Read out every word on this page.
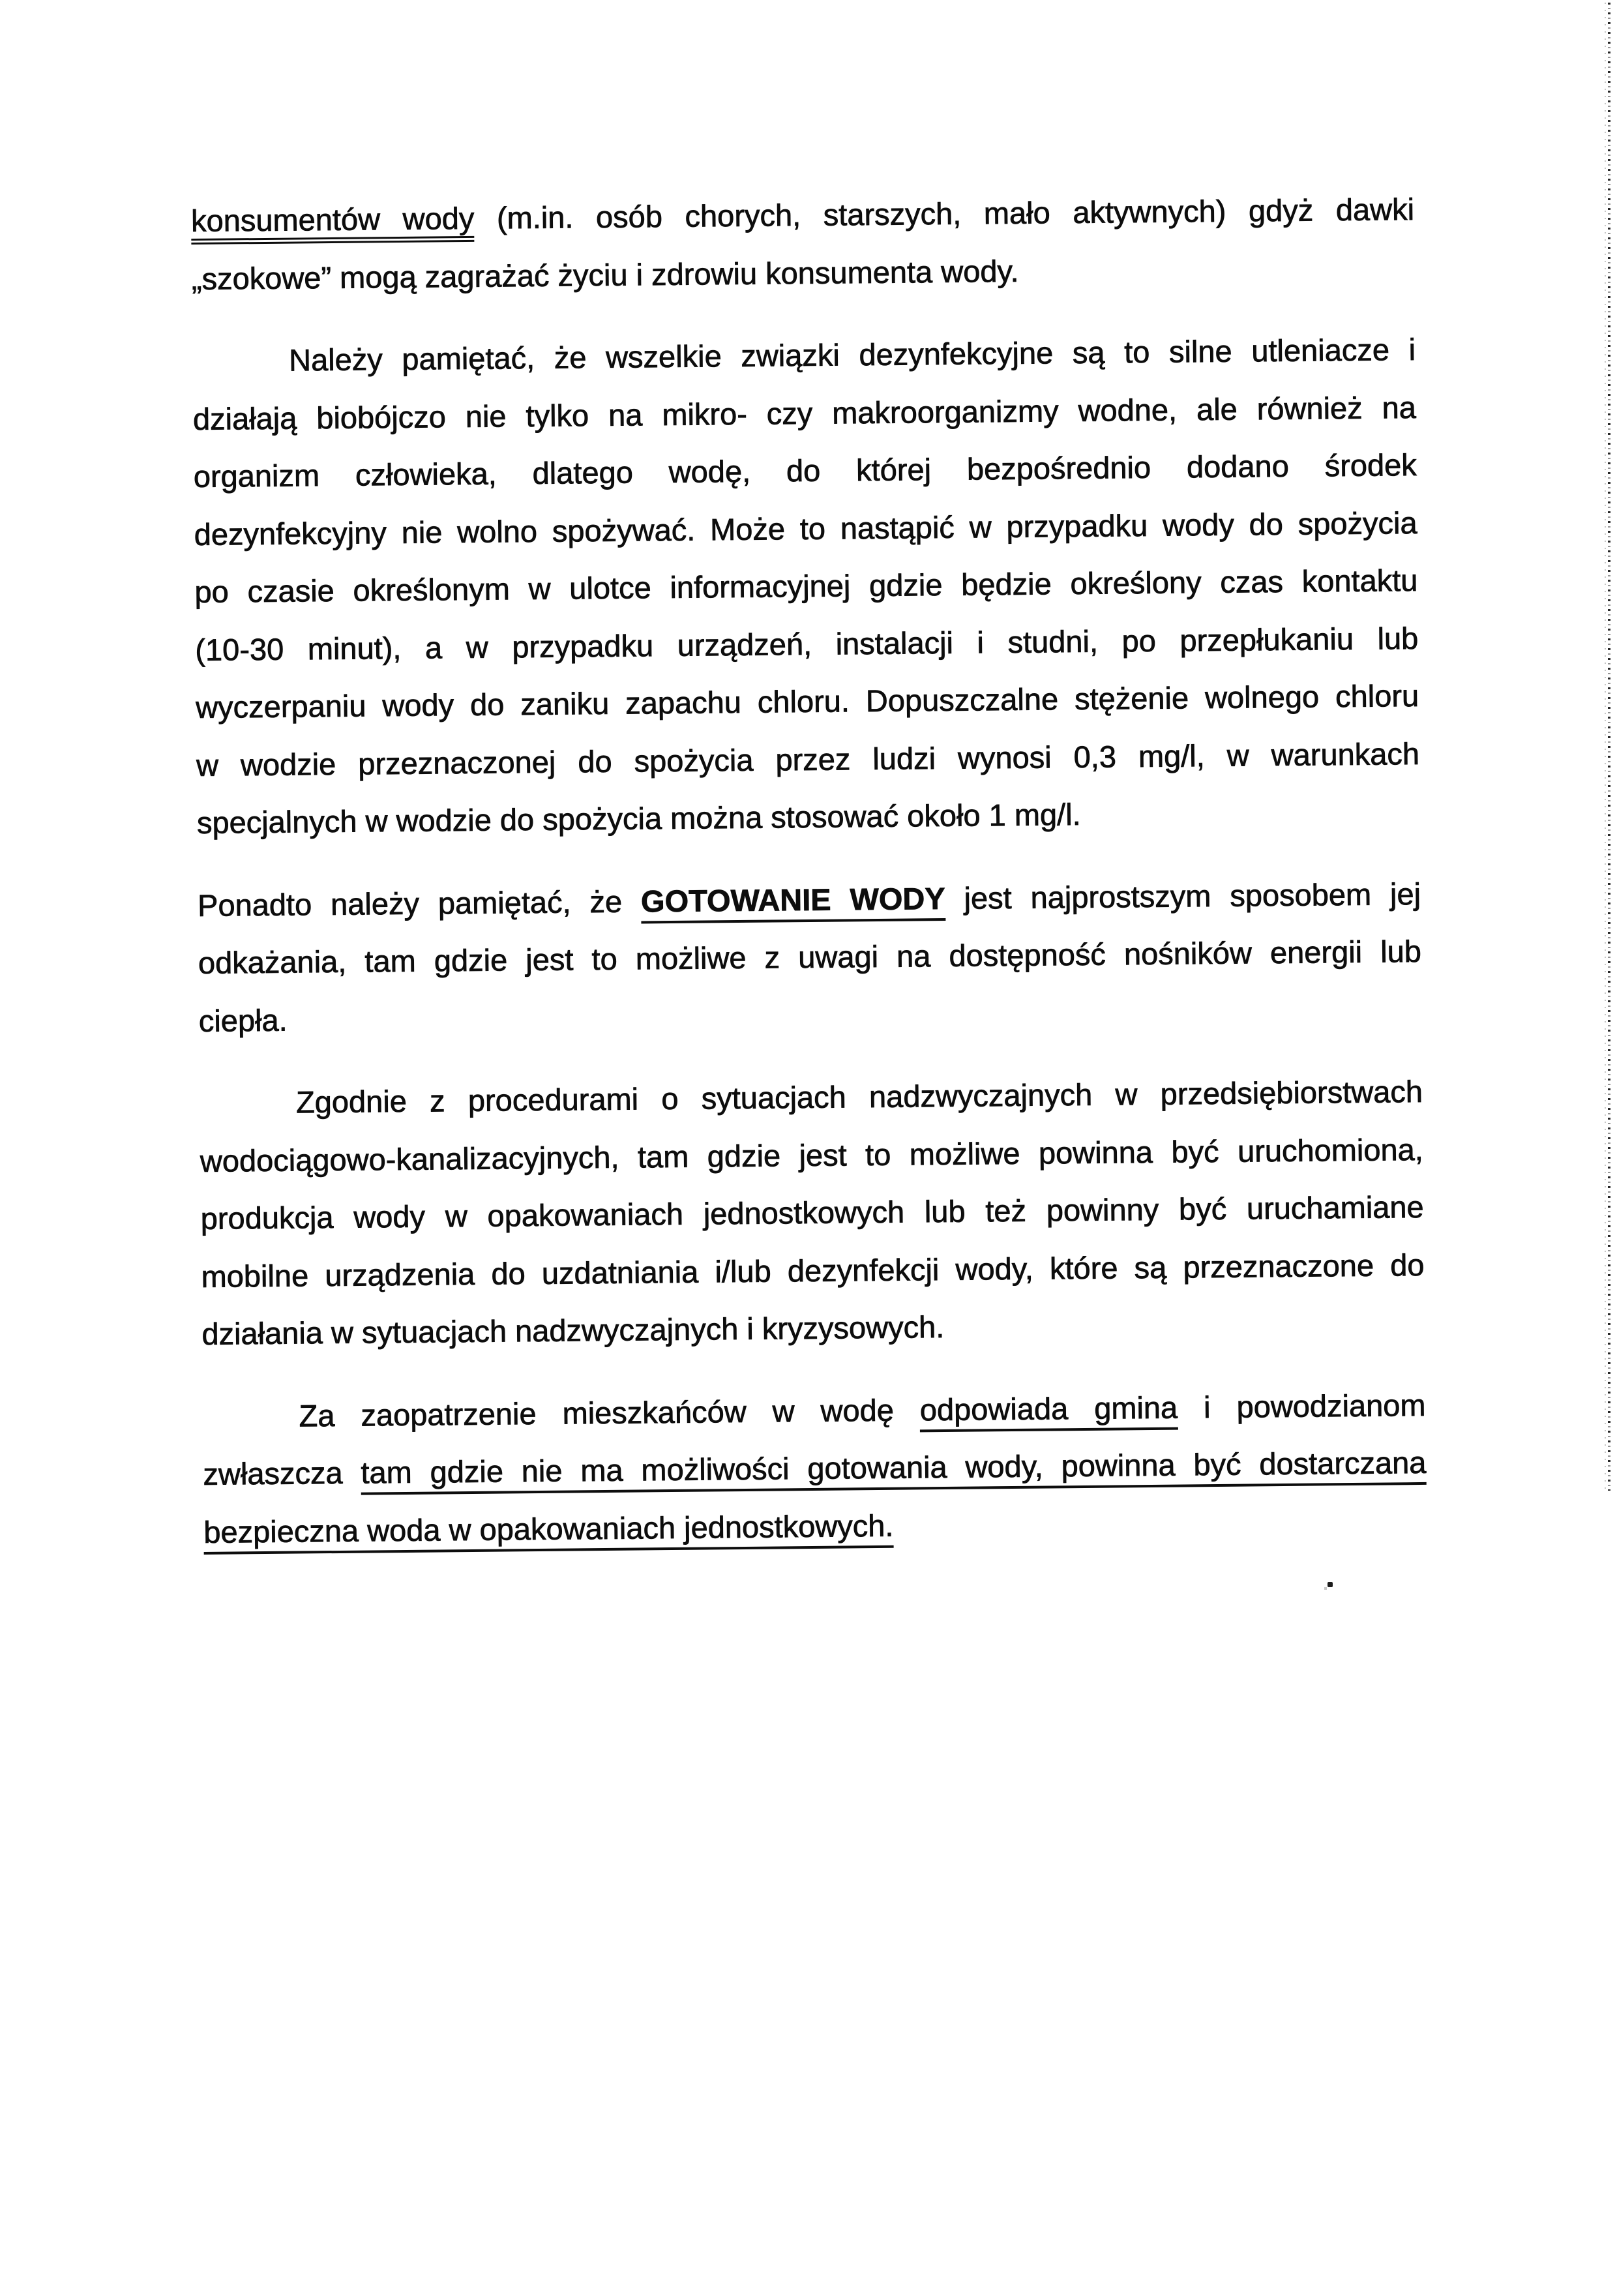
konsumentów wody (m.in. osób chorych, starszych, mało aktywnych) gdyż dawki
„szokowe” mogą zagrażać życiu i zdrowiu konsumenta wody.
Należy pamiętać, że wszelkie związki dezynfekcyjne są to silne utleniacze i
działają biobójczo nie tylko na mikro- czy makroorganizmy wodne, ale również na
organizm człowieka, dlatego wodę, do której bezpośrednio dodano środek
dezynfekcyjny nie wolno spożywać. Może to nastąpić w przypadku wody do spożycia
po czasie określonym w ulotce informacyjnej gdzie będzie określony czas kontaktu
(10-30 minut), a w przypadku urządzeń, instalacji i studni, po przepłukaniu lub
wyczerpaniu wody do zaniku zapachu chloru. Dopuszczalne stężenie wolnego chloru
w wodzie przeznaczonej do spożycia przez ludzi wynosi 0,3 mg/l, w warunkach
specjalnych w wodzie do spożycia można stosować około 1 mg/l.
Ponadto należy pamiętać, że GOTOWANIE WODY jest najprostszym sposobem jej
odkażania, tam gdzie jest to możliwe z uwagi na dostępność nośników energii lub
ciepła.
Zgodnie z procedurami o sytuacjach nadzwyczajnych w przedsiębiorstwach
wodociągowo-kanalizacyjnych, tam gdzie jest to możliwe powinna być uruchomiona,
produkcja wody w opakowaniach jednostkowych lub też powinny być uruchamiane
mobilne urządzenia do uzdatniania i/lub dezynfekcji wody, które są przeznaczone do
działania w sytuacjach nadzwyczajnych i kryzysowych.
Za zaopatrzenie mieszkańców w wodę odpowiada gmina i powodzianom
zwłaszcza tam gdzie nie ma możliwości gotowania wody, powinna być dostarczana
bezpieczna woda w opakowaniach jednostkowych.
